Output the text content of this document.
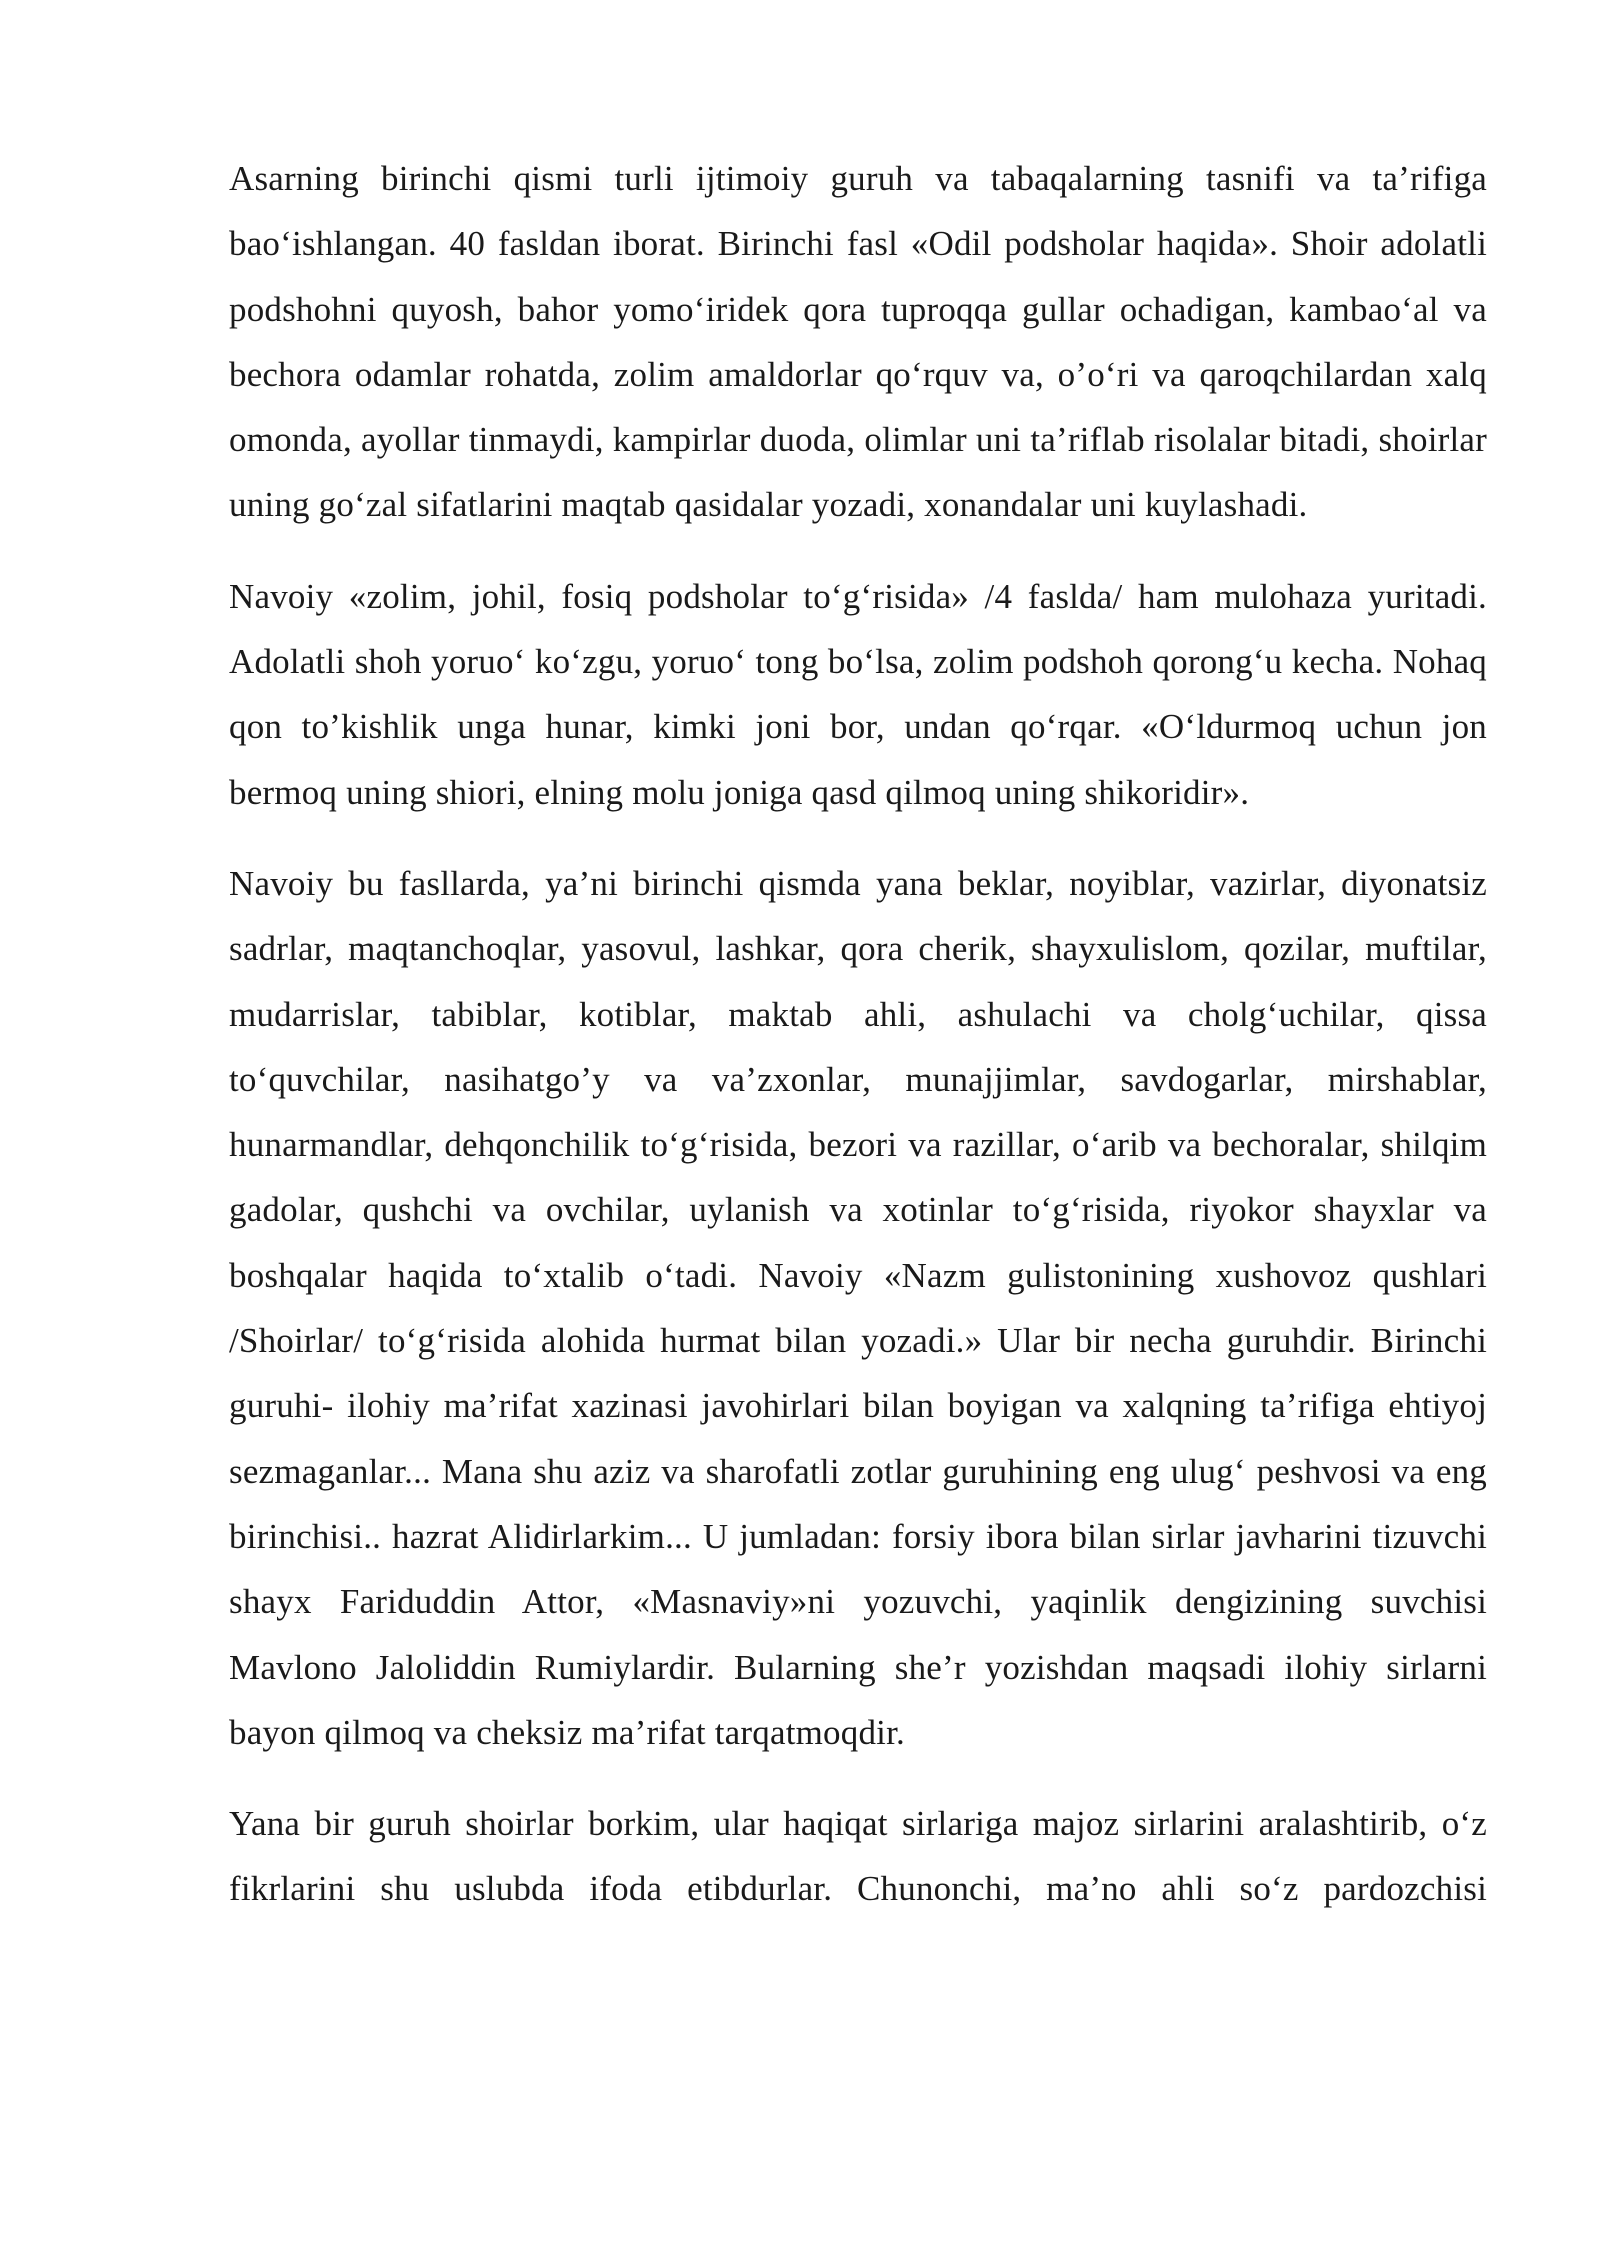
Asarning birinchi qismi turli ijtimoiy guruh va tabaqalarning tasnifi va ta’rifiga bao‘ishlangan. 40 fasldan iborat. Birinchi fasl «Odil podsholar haqida». Shoir adolatli podshohni quyosh, bahor yomo‘iridek qora tuproqqa gullar ochadigan, kambao‘al va bechora odamlar rohatda, zolim amaldorlar qo‘rquv va, o’o‘ri va qaroqchilardan xalq omonda, ayollar tinmaydi, kampirlar duoda, olimlar uni ta’riflab risolalar bitadi, shoirlar uning go‘zal sifatlarini maqtab qasidalar yozadi, xonandalar uni kuylashadi.

Navoiy «zolim, johil, fosiq podsholar to‘g‘risida» /4 faslda/ ham mulohaza yuritadi. Adolatli shoh yoruo‘ ko‘zgu, yoruo‘ tong bo‘lsa, zolim podshoh qorong‘u kecha. Nohaq qon to’kishlik unga hunar, kimki joni bor, undan qo‘rqar. «O‘ldurmoq uchun jon bermoq uning shiori, elning molu joniga qasd qilmoq uning shikoridir».

Navoiy bu fasllarda, ya’ni birinchi qismda yana beklar, noyiblar, vazirlar, diyonatsiz sadrlar, maqtanchoqlar, yasovul, lashkar, qora cherik, shayxulislom, qozilar, muftilar, mudarrislar, tabiblar, kotiblar, maktab ahli, ashulachi va cholg‘uchilar, qissa to‘quvchilar, nasihatgo’y va va’zxonlar, munajjimlar, savdogarlar, mirshablar, hunarmandlar, dehqonchilik to‘g‘risida, bezori va razillar, o‘arib va bechoralar, shilqim gadolar, qushchi va ovchilar, uylanish va xotinlar to‘g‘risida, riyokor shayxlar va boshqalar haqida to‘xtalib o‘tadi. Navoiy «Nazm gulistonining xushovoz qushlari /Shoirlar/ to‘g‘risida alohida hurmat bilan yozadi.» Ular bir necha guruhdir. Birinchi guruhi- ilohiy ma’rifat xazinasi javohirlari bilan boyigan va xalqning ta’rifiga ehtiyoj sezmaganlar... Mana shu aziz va sharofatli zotlar guruhining eng ulug‘ peshvosi va eng birinchisi.. hazrat Alidirlarkim... U jumladan: forsiy ibora bilan sirlar javharini tizuvchi shayx Fariduddin Attor, «Masnaviy»ni yozuvchi, yaqinlik dengizining suvchisi Mavlono Jaloliddin Rumiylardir. Bularning she’r yozishdan maqsadi ilohiy sirlarni bayon qilmoq va cheksiz ma’rifat tarqatmoqdir.

Yana bir guruh shoirlar borkim, ular haqiqat sirlariga majoz sirlarini aralashtirib, o‘z fikrlarini shu uslubda ifoda etibdurlar. Chunonchi, ma’no ahli so‘z pardozchisi
